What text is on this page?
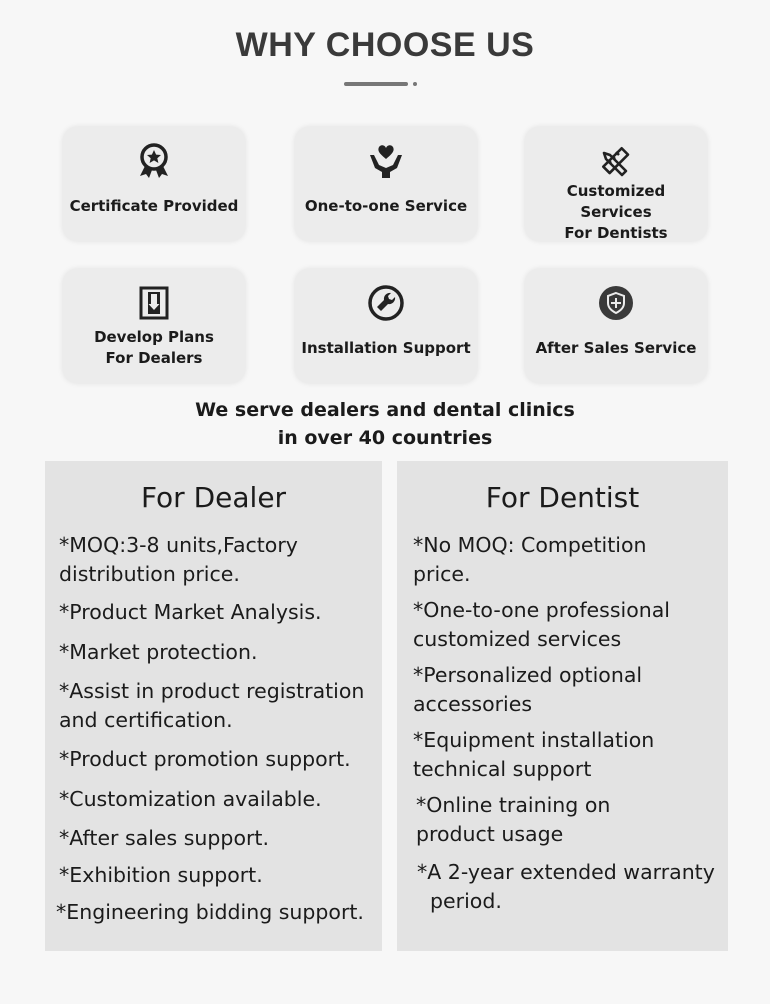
WHY CHOOSE US
Certificate Provided	One-to-one Service
Customized Services
For Dentists
Develop Plans
For Dealers
Installation Support	After Sales Service
We serve dealers and dental clinics
in over 40 countries
For Dealer
*MOQ:3-8 units,Factory
distribution price.
*Product Market Analysis.
*Market protection.
*Assist in product registration
and certification.
*Product promotion support.
*Customization available.
*After sales support.
*Exhibition support.
*Engineering bidding support.
For Dentist
*No MOQ: Competition
price.
*One-to-one professional
customized services
*Personalized optional
accessories
*Equipment installation
technical support
*Online training on
product usage
*A 2-year extended warranty
period.
